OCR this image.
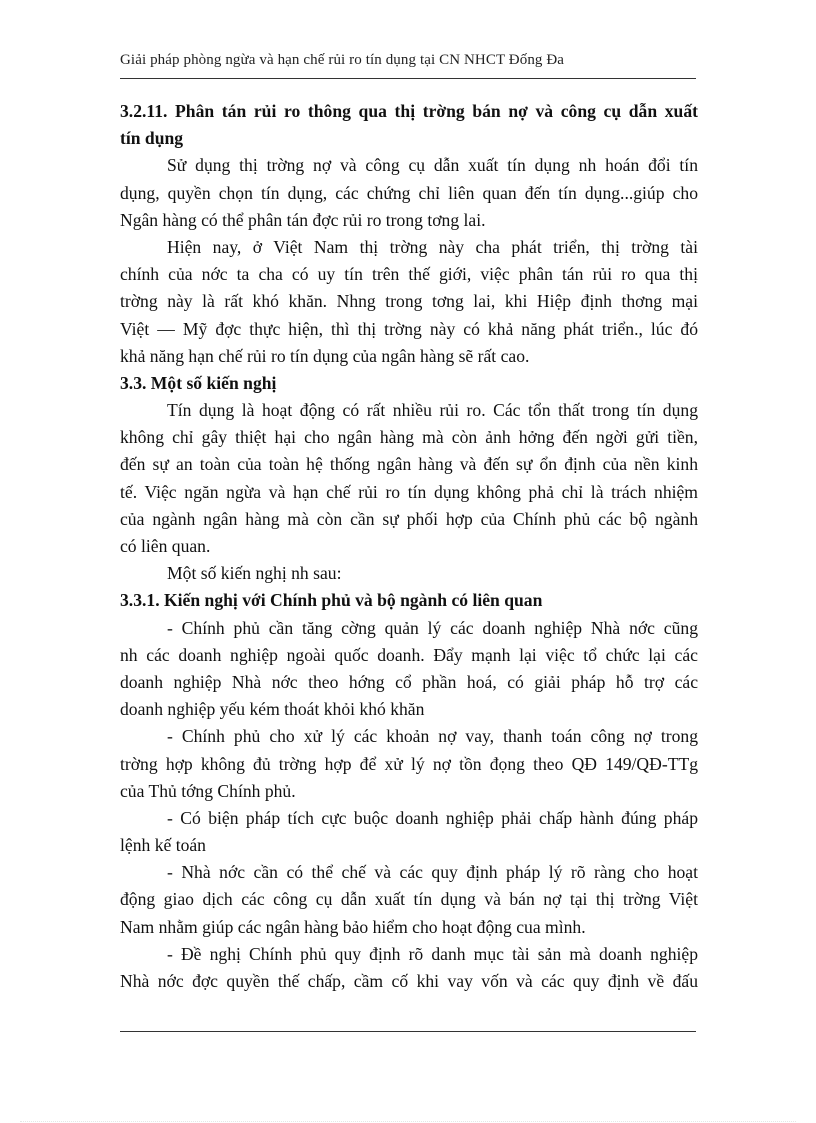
Giải pháp phòng ngừa và hạn chế rủi ro tín dụng tại CN NHCT Đống Đa
3.2.11. Phân tán rủi ro thông qua thị trờng bán nợ và công cụ dẫn xuất
tín dụng
Sử dụng thị trờng nợ và công cụ dẫn xuất tín dụng nh hoán đổi tín
dụng, quyền chọn tín dụng, các chứng chỉ liên quan đến tín dụng...giúp cho
Ngân hàng có thể phân tán đợc rủi ro trong tơng lai.
Hiện nay, ở Việt Nam thị trờng này cha phát triển, thị trờng tài
chính của nớc ta cha có uy tín trên thế giới, việc phân tán rủi ro qua thị
trờng này là rất khó khăn. Nhng trong tơng lai, khi Hiệp định thơng mại
Việt — Mỹ đợc thực hiện, thì thị trờng này có khả năng phát triển., lúc đó
khả năng hạn chế rủi ro tín dụng của ngân hàng sẽ rất cao.
3.3. Một số kiến nghị
Tín dụng là hoạt động có rất nhiều rủi ro. Các tổn thất trong tín dụng
không chỉ gây thiệt hại cho ngân hàng mà còn ảnh hởng đến ngời gửi tiền,
đến sự an toàn của toàn hệ thống ngân hàng và đến sự ổn định của nền kinh
tế. Việc ngăn ngừa và hạn chế rủi ro tín dụng không phả chỉ là trách nhiệm
của ngành ngân hàng mà còn cần sự phối hợp của Chính phủ các bộ ngành
có liên quan.
Một số kiến nghị nh sau:
3.3.1. Kiến nghị với Chính phủ và bộ ngành có liên quan
- Chính phủ cần tăng cờng quản lý các doanh nghiệp Nhà nớc cũng
nh các doanh nghiệp ngoài quốc doanh. Đẩy mạnh lại việc tổ chức lại các
doanh nghiệp Nhà nớc theo hớng cổ phần hoá, có giải pháp hỗ trợ các
doanh nghiệp yếu kém thoát khỏi khó khăn
- Chính phủ cho xử lý các khoản nợ vay, thanh toán công nợ trong
trờng hợp không đủ trờng hợp để xử lý nợ tồn đọng theo QĐ 149/QĐ-TTg
của Thủ tớng Chính phủ.
- Có biện pháp tích cực buộc doanh nghiệp phải chấp hành đúng pháp
lệnh kế toán
- Nhà nớc cần có thể chế và các quy định pháp lý rõ ràng cho hoạt
động giao dịch các công cụ dẫn xuất tín dụng và bán nợ tại thị trờng Việt
Nam nhằm giúp các ngân hàng bảo hiểm cho hoạt động cua mình.
- Đề nghị Chính phủ quy định rõ danh mục tài sản mà doanh nghiệp
Nhà nớc đợc quyền thế chấp, cầm cố khi vay vốn và các quy định về đấu
